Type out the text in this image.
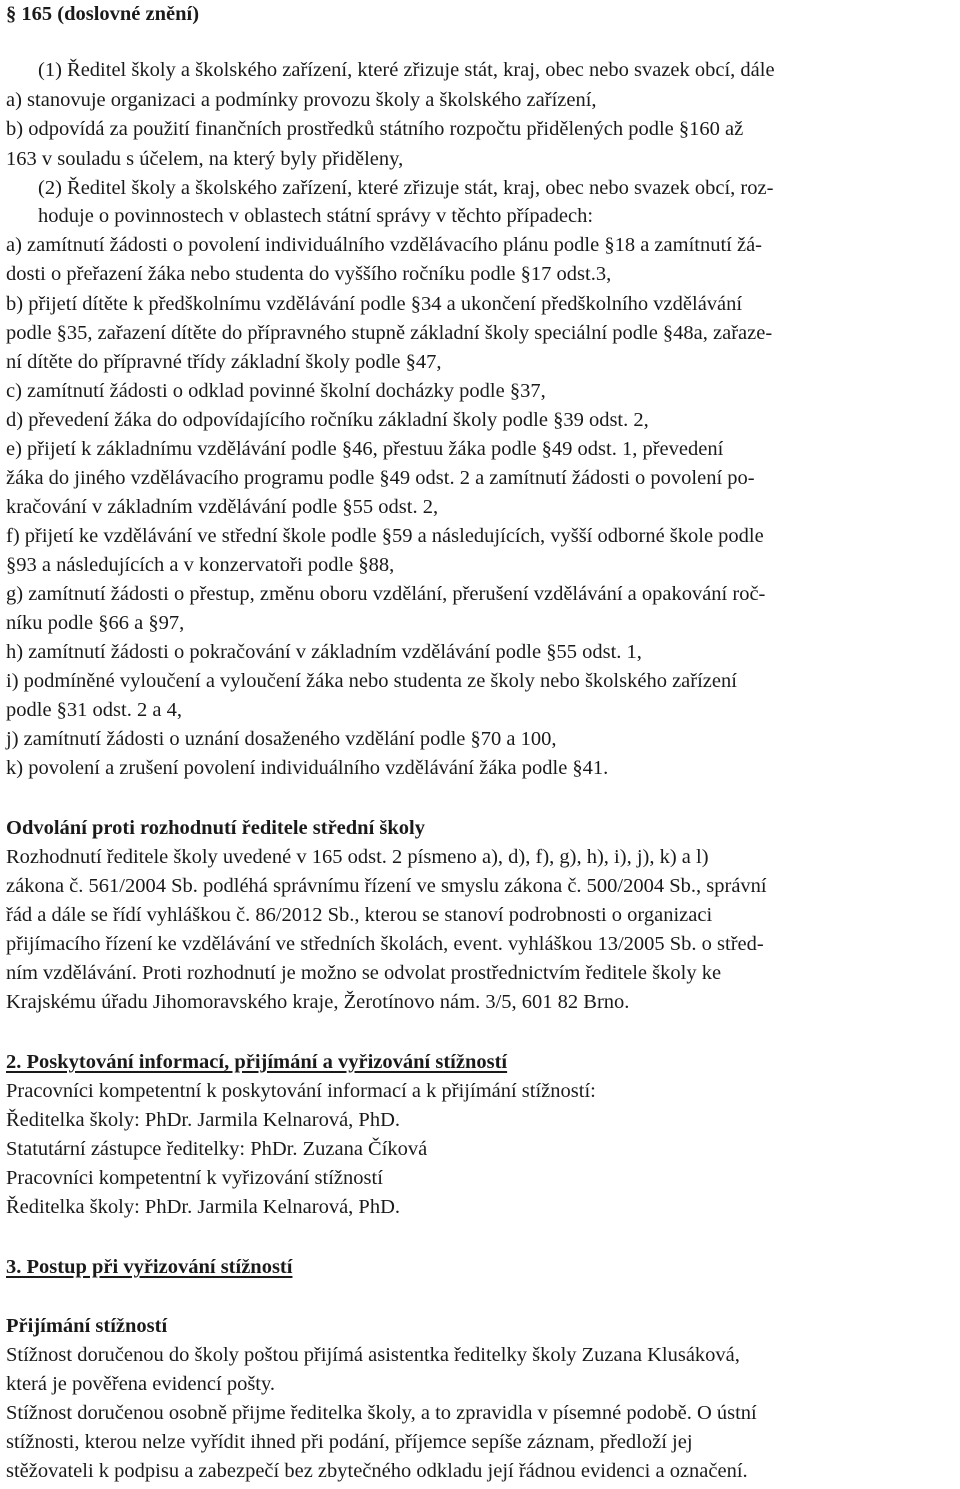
§ 165 (doslovné znění)
(1) Ředitel školy a školského zařízení, které zřizuje stát, kraj, obec nebo svazek obcí, dále
a) stanovuje organizaci a podmínky provozu školy a školského zařízení,
b) odpovídá za použití finančních prostředků státního rozpočtu přidělených podle §160 až
163 v souladu s účelem, na který byly přiděleny,
(2) Ředitel školy a školského zařízení, které zřizuje stát, kraj, obec nebo svazek obcí, roz-
hoduje o povinnostech v oblastech státní správy v těchto případech:
a) zamítnutí žádosti o povolení individuálního vzdělávacího plánu podle §18 a zamítnutí žá-
dosti o přeřazení žáka nebo studenta do vyššího ročníku podle §17 odst.3,
b) přijetí dítěte k předškolnímu vzdělávání podle §34 a ukončení předškolního vzdělávání
podle §35, zařazení dítěte do přípravného stupně základní školy speciální podle §48a, zařaze-
ní dítěte do přípravné třídy základní školy podle §47,
c) zamítnutí žádosti o odklad povinné školní docházky podle §37,
d) převedení žáka do odpovídajícího ročníku základní školy podle §39 odst. 2,
e) přijetí k základnímu vzdělávání podle §46, přestuu žáka podle §49 odst. 1, převedení
žáka do jiného vzdělávacího programu podle §49 odst. 2 a zamítnutí žádosti o povolení po-
kračování v základním vzdělávání podle §55 odst. 2,
f) přijetí ke vzdělávání ve střední škole podle §59 a následujících, vyšší odborné škole podle
§93 a následujících a v konzervatoři podle §88,
g) zamítnutí žádosti o přestup, změnu oboru vzdělání, přerušení vzdělávání a opakování roč-
níku podle §66 a §97,
h) zamítnutí žádosti o pokračování v základním vzdělávání podle §55 odst. 1,
i) podmíněné vyloučení a vyloučení žáka nebo studenta ze školy nebo školského zařízení
podle §31 odst. 2 a 4,
j) zamítnutí žádosti o uznání dosaženého vzdělání podle §70 a 100,
k) povolení a zrušení povolení individuálního vzdělávání žáka podle §41.
Odvolání proti rozhodnutí ředitele střední školy
Rozhodnutí ředitele školy uvedené v 165 odst. 2 písmeno a), d), f), g), h), i), j), k) a l)
zákona č. 561/2004 Sb. podléhá správnímu řízení ve smyslu zákona č. 500/2004 Sb., správní
řád a dále se řídí vyhláškou č. 86/2012 Sb., kterou se stanoví podrobnosti o organizaci
přijímacího řízení ke vzdělávání ve středních školách, event. vyhláškou 13/2005 Sb. o střed-
ním vzdělávání. Proti rozhodnutí je možno se odvolat prostřednictvím ředitele školy ke
Krajskému úřadu Jihomoravského kraje, Žerotínovo nám. 3/5, 601 82 Brno.
2. Poskytování informací, přijímání a vyřizování stížností
Pracovníci kompetentní k poskytování informací a k přijímání stížností:
Ředitelka školy: PhDr. Jarmila Kelnarová, PhD.
Statutární zástupce ředitelky: PhDr. Zuzana Číková
Pracovníci kompetentní k vyřizování stížností
Ředitelka školy: PhDr. Jarmila Kelnarová, PhD.
3. Postup při vyřizování stížností
Přijímání stížností
Stížnost doručenou do školy poštou přijímá asistentka ředitelky školy Zuzana Klusáková,
která je pověřena evidencí pošty.
Stížnost doručenou osobně přijme ředitelka školy, a to zpravidla v písemné podobě. O ústní
stížnosti, kterou nelze vyřídit ihned při podání, příjemce sepíše záznam, předloží jej
stěžovateli k podpisu a zabezpečí bez zbytečného odkladu její řádnou evidenci a označení.
